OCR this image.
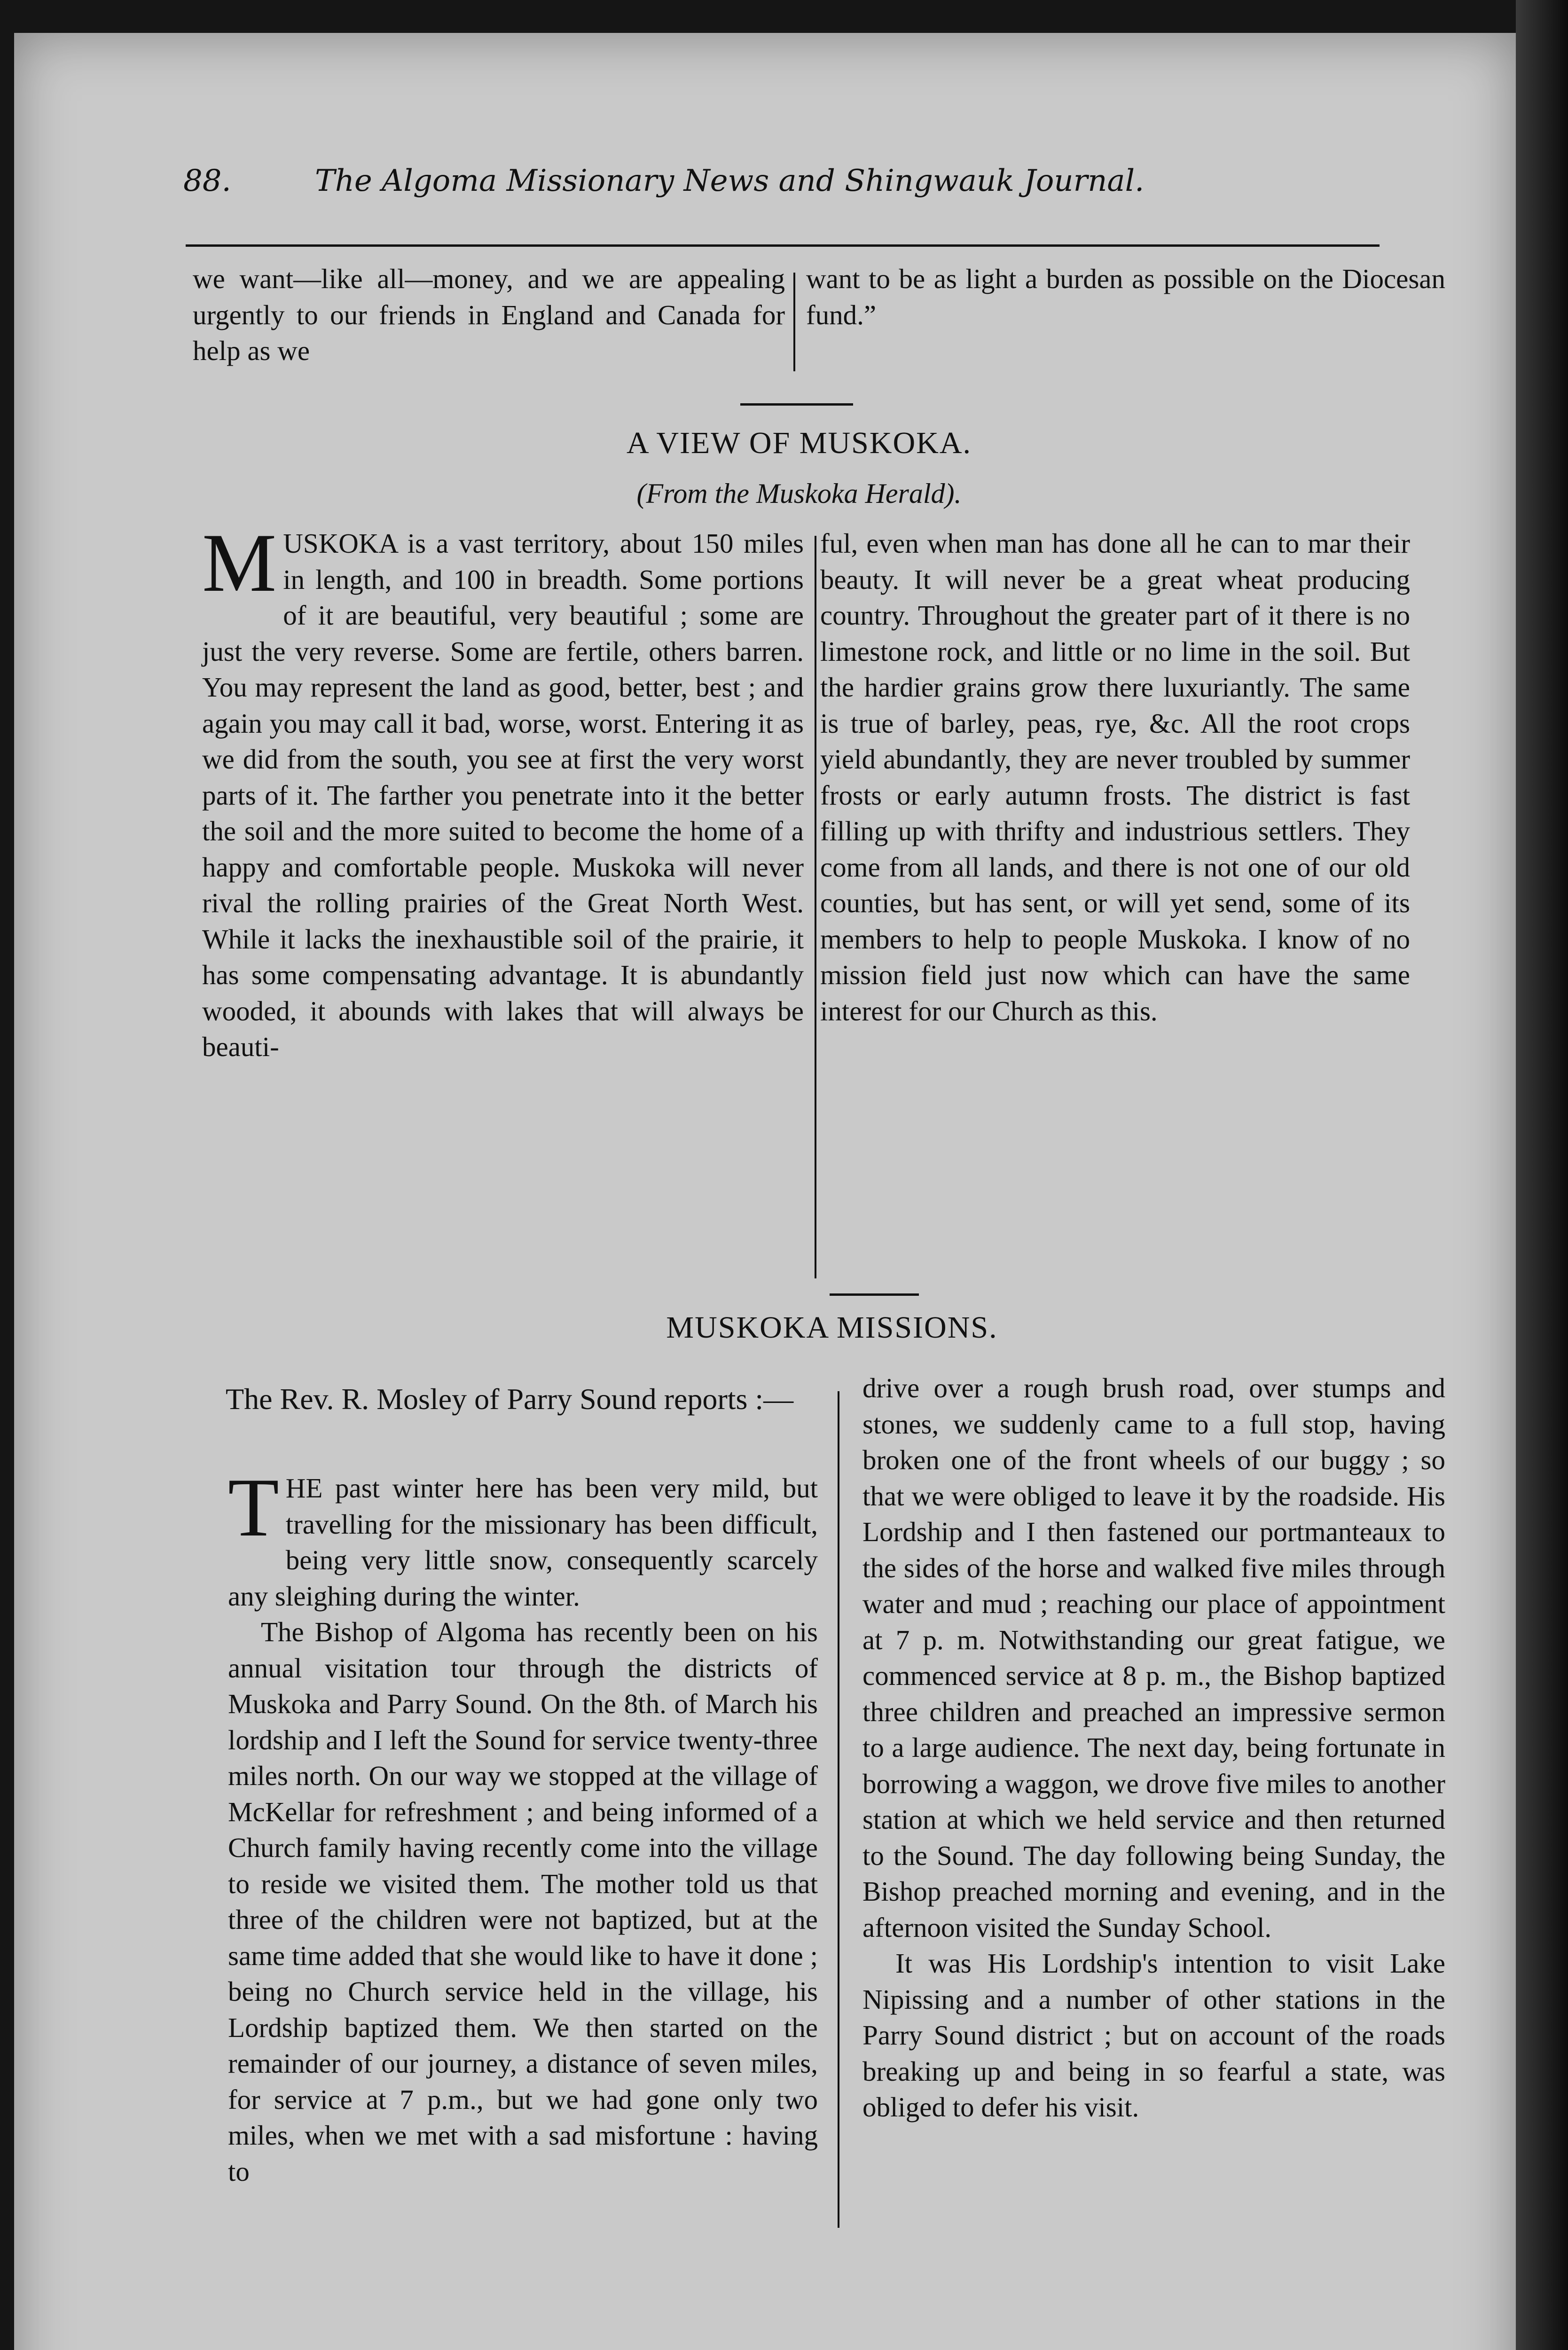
88.	The Algoma Missionary News and Shingwauk Journal.

we want—like all—money, and we are appealing urgently to our friends in England and Canada for help as we

want to be as light a burden as possible on the Diocesan fund.”

A VIEW OF MUSKOKA.
(From the Muskoka Herald).

MUSKOKA is a vast territory, about 150 miles in length, and 100 in breadth. Some portions of it are beautiful, very beautiful ; some are just the very reverse. Some are fertile, others barren. You may represent the land as good, better, best ; and again you may call it bad, worse, worst. Entering it as we did from the south, you see at first the very worst parts of it. The farther you penetrate into it the better the soil and the more suited to become the home of a happy and comfortable people. Muskoka will never rival the rolling prairies of the Great North West. While it lacks the inexhaustible soil of the prairie, it has some compensating advantage. It is abundantly wooded, it abounds with lakes that will always be beauti-

ful, even when man has done all he can to mar their beauty. It will never be a great wheat producing country. Throughout the greater part of it there is no limestone rock, and little or no lime in the soil. But the hardier grains grow there luxuriantly. The same is true of barley, peas, rye, &c. All the root crops yield abundantly, they are never troubled by summer frosts or early autumn frosts. The district is fast filling up with thrifty and industrious settlers. They come from all lands, and there is not one of our old counties, but has sent, or will yet send, some of its members to help to people Muskoka. I know of no mission field just now which can have the same interest for our Church as this.

MUSKOKA MISSIONS.
The Rev. R. Mosley of Parry Sound reports :—

THE past winter here has been very mild, but travelling for the missionary has been difficult, being very little snow, consequently scarcely any sleighing during the winter.

The Bishop of Algoma has recently been on his annual visitation tour through the districts of Muskoka and Parry Sound. On the 8th. of March his lordship and I left the Sound for service twenty-three miles north. On our way we stopped at the village of McKellar for refreshment ; and being informed of a Church family having recently come into the village to reside we visited them. The mother told us that three of the children were not baptized, but at the same time added that she would like to have it done ; being no Church service held in the village, his Lordship baptized them. We then started on the remainder of our journey, a distance of seven miles, for service at 7 p.m., but we had gone only two miles, when we met with a sad misfortune : having to

drive over a rough brush road, over stumps and stones, we suddenly came to a full stop, having broken one of the front wheels of our buggy ; so that we were obliged to leave it by the roadside. His Lordship and I then fastened our portmanteaux to the sides of the horse and walked five miles through water and mud ; reaching our place of appointment at 7 p. m. Notwithstanding our great fatigue, we commenced service at 8 p. m., the Bishop baptized three children and preached an impressive sermon to a large audience. The next day, being fortunate in borrowing a waggon, we drove five miles to another station at which we held service and then returned to the Sound. The day following being Sunday, the Bishop preached morning and evening, and in the afternoon visited the Sunday School.

It was His Lordship's intention to visit Lake Nipissing and a number of other stations in the Parry Sound district ; but on account of the roads breaking up and being in so fearful a state, was obliged to defer his visit.
